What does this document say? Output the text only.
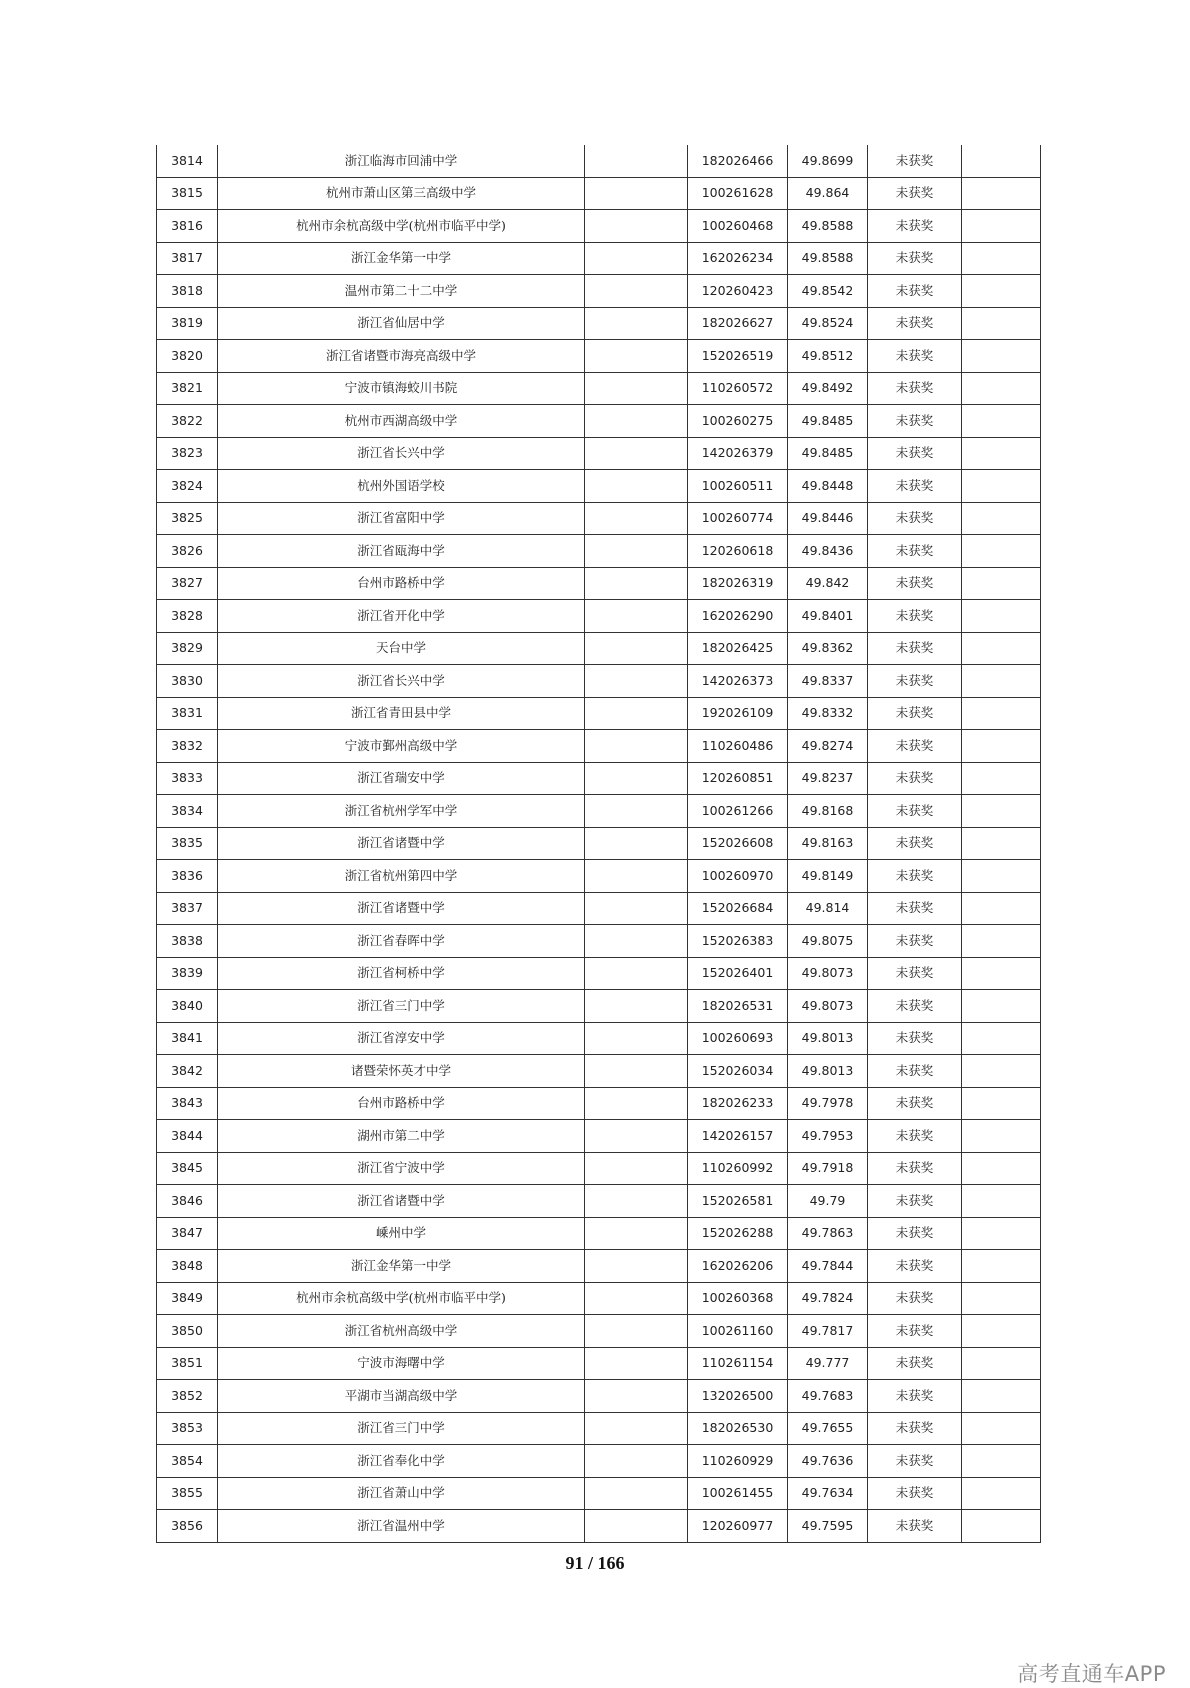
3814	浙江临海市回浦中学		182026466	49.8699	未获奖	
3815	杭州市萧山区第三高级中学		100261628	49.864	未获奖	
3816	杭州市余杭高级中学(杭州市临平中学)		100260468	49.8588	未获奖	
3817	浙江金华第一中学		162026234	49.8588	未获奖	
3818	温州市第二十二中学		120260423	49.8542	未获奖	
3819	浙江省仙居中学		182026627	49.8524	未获奖	
3820	浙江省诸暨市海亮高级中学		152026519	49.8512	未获奖	
3821	宁波市镇海蛟川书院		110260572	49.8492	未获奖	
3822	杭州市西湖高级中学		100260275	49.8485	未获奖	
3823	浙江省长兴中学		142026379	49.8485	未获奖	
3824	杭州外国语学校		100260511	49.8448	未获奖	
3825	浙江省富阳中学		100260774	49.8446	未获奖	
3826	浙江省瓯海中学		120260618	49.8436	未获奖	
3827	台州市路桥中学		182026319	49.842	未获奖	
3828	浙江省开化中学		162026290	49.8401	未获奖	
3829	天台中学		182026425	49.8362	未获奖	
3830	浙江省长兴中学		142026373	49.8337	未获奖	
3831	浙江省青田县中学		192026109	49.8332	未获奖	
3832	宁波市鄞州高级中学		110260486	49.8274	未获奖	
3833	浙江省瑞安中学		120260851	49.8237	未获奖	
3834	浙江省杭州学军中学		100261266	49.8168	未获奖	
3835	浙江省诸暨中学		152026608	49.8163	未获奖	
3836	浙江省杭州第四中学		100260970	49.8149	未获奖	
3837	浙江省诸暨中学		152026684	49.814	未获奖	
3838	浙江省春晖中学		152026383	49.8075	未获奖	
3839	浙江省柯桥中学		152026401	49.8073	未获奖	
3840	浙江省三门中学		182026531	49.8073	未获奖	
3841	浙江省淳安中学		100260693	49.8013	未获奖	
3842	诸暨荣怀英才中学		152026034	49.8013	未获奖	
3843	台州市路桥中学		182026233	49.7978	未获奖	
3844	湖州市第二中学		142026157	49.7953	未获奖	
3845	浙江省宁波中学		110260992	49.7918	未获奖	
3846	浙江省诸暨中学		152026581	49.79	未获奖	
3847	嵊州中学		152026288	49.7863	未获奖	
3848	浙江金华第一中学		162026206	49.7844	未获奖	
3849	杭州市余杭高级中学(杭州市临平中学)		100260368	49.7824	未获奖	
3850	浙江省杭州高级中学		100261160	49.7817	未获奖	
3851	宁波市海曙中学		110261154	49.777	未获奖	
3852	平湖市当湖高级中学		132026500	49.7683	未获奖	
3853	浙江省三门中学		182026530	49.7655	未获奖	
3854	浙江省奉化中学		110260929	49.7636	未获奖	
3855	浙江省萧山中学		100261455	49.7634	未获奖	
3856	浙江省温州中学		120260977	49.7595	未获奖	
91 / 166
高考直通车APP
